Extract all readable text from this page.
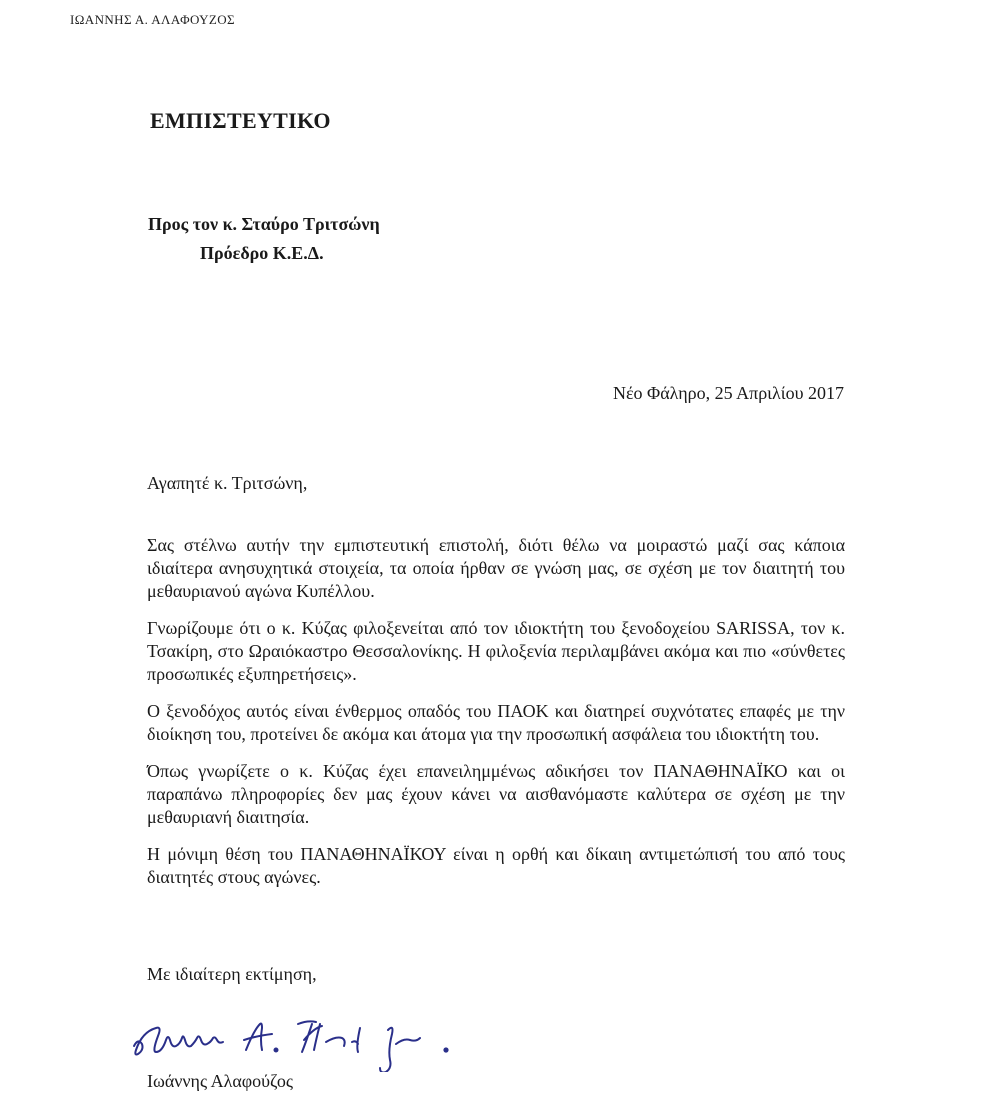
ΙΩΑΝΝΗΣ Α. ΑΛΑΦΟΥΖΟΣ
ΕΜΠΙΣΤΕΥΤΙΚΟ
Προς τον κ. Σταύρο Τριτσώνη
Πρόεδρο Κ.Ε.Δ.
Νέο Φάληρο, 25 Απριλίου 2017
Αγαπητέ κ. Τριτσώνη,

Σας στέλνω αυτήν την εμπιστευτική επιστολή, διότι θέλω να μοιραστώ μαζί σας κάποια ιδιαίτερα ανησυχητικά στοιχεία, τα οποία ήρθαν σε γνώση μας, σε σχέση με τον διαιτητή του μεθαυριανού αγώνα Κυπέλλου.

Γνωρίζουμε ότι ο κ. Κύζας φιλοξενείται από τον ιδιοκτήτη του ξενοδοχείου SARISSA, τον κ. Τσακίρη, στο Ωραιόκαστρο Θεσσαλονίκης. Η φιλοξενία περιλαμβάνει ακόμα και πιο «σύνθετες προσωπικές εξυπηρετήσεις».

Ο ξενοδόχος αυτός είναι ένθερμος οπαδός του ΠΑΟΚ και διατηρεί συχνότατες επαφές με την διοίκηση του, προτείνει δε ακόμα και άτομα για την προσωπική ασφάλεια του ιδιοκτήτη του.

Όπως γνωρίζετε ο κ. Κύζας έχει επανειλημμένως αδικήσει τον ΠΑΝΑΘΗΝΑΪΚΟ και οι παραπάνω πληροφορίες δεν μας έχουν κάνει να αισθανόμαστε καλύτερα σε σχέση με την μεθαυριανή διαιτησία.

Η μόνιμη θέση του ΠΑΝΑΘΗΝΑΪΚΟΥ είναι η ορθή και δίκαιη αντιμετώπισή του από τους διαιτητές στους αγώνες.

Με ιδιαίτερη εκτίμηση,
Ιωάννης Αλαφούζος
